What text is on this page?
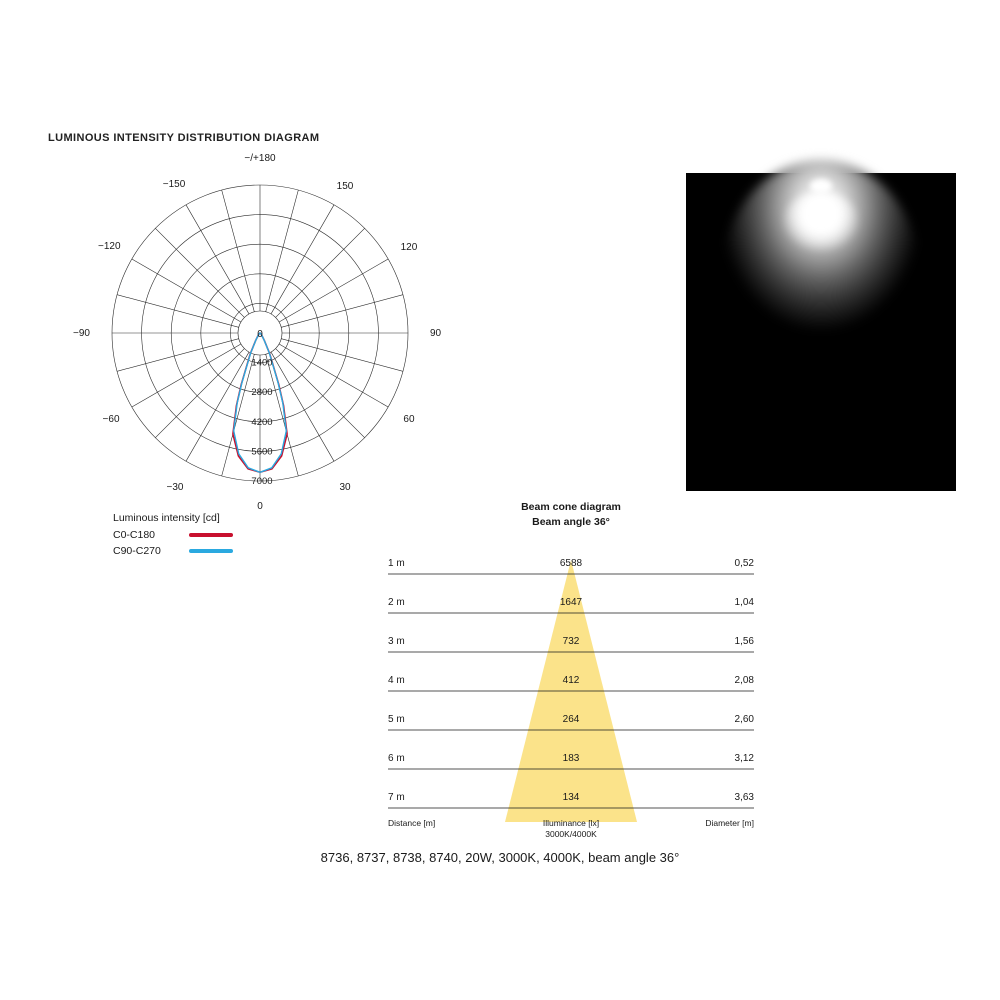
LUMINOUS INTENSITY DISTRIBUTION DIAGRAM
−/+180
150
120
90
60
30
−30
−60
−90
−120
−150
0
0
1400
2800
4200
5600
7000
Luminous intensity [cd]
C0-C180
C90-C270
Beam cone diagram
Beam angle 36°
1 m	6588	0,52
2 m	1647	1,04
3 m	732	1,56
4 m	412	2,08
5 m	264	2,60
6 m	183	3,12
7 m	134	3,63
Distance [m]	Illuminance [lx]
3000K/4000K
Diameter [m]
8736, 8737, 8738, 8740, 20W, 3000K, 4000K, beam angle 36°
